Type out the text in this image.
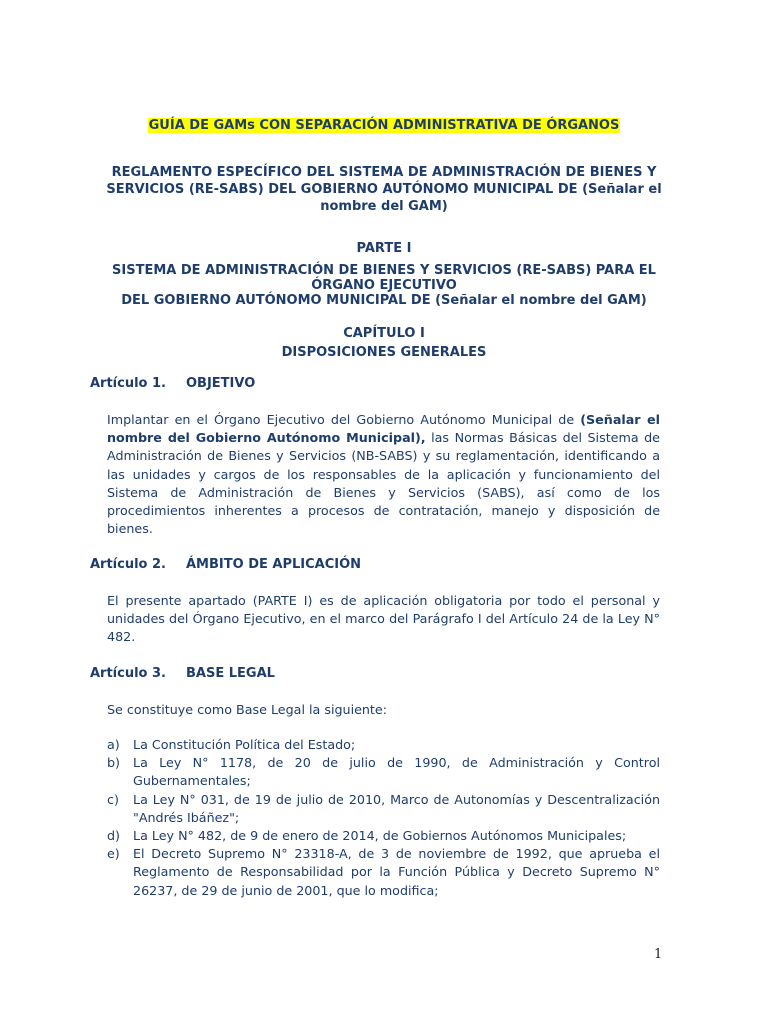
GUÍA DE GAMs CON SEPARACIÓN ADMINISTRATIVA DE ÓRGANOS
REGLAMENTO ESPECÍFICO DEL SISTEMA DE ADMINISTRACIÓN DE BIENES Y
SERVICIOS (RE-SABS) DEL GOBIERNO AUTÓNOMO MUNICIPAL DE (Señalar el
nombre del GAM)
PARTE I
SISTEMA DE ADMINISTRACIÓN DE BIENES Y SERVICIOS (RE-SABS) PARA EL
ÓRGANO EJECUTIVO
DEL GOBIERNO AUTÓNOMO MUNICIPAL DE (Señalar el nombre del GAM)
CAPÍTULO I
DISPOSICIONES GENERALES
Artículo 1. OBJETIVO
Implantar en el Órgano Ejecutivo del Gobierno Autónomo Municipal de (Señalar el nombre del Gobierno Autónomo Municipal), las Normas Básicas del Sistema de Administración de Bienes y Servicios (NB-SABS) y su reglamentación, identificando a las unidades y cargos de los responsables de la aplicación y funcionamiento del Sistema de Administración de Bienes y Servicios (SABS), así como de los procedimientos inherentes a procesos de contratación, manejo y disposición de bienes.
Artículo 2. ÁMBITO DE APLICACIÓN
El presente apartado (PARTE I) es de aplicación obligatoria por todo el personal y unidades del Órgano Ejecutivo, en el marco del Parágrafo I del Artículo 24 de la Ley N° 482.
Artículo 3. BASE LEGAL
Se constituye como Base Legal la siguiente:
a) La Constitución Política del Estado;
b) La Ley N° 1178, de 20 de julio de 1990, de Administración y Control Gubernamentales;
c) La Ley N° 031, de 19 de julio de 2010, Marco de Autonomías y Descentralización "Andrés Ibáñez";
d) La Ley N° 482, de 9 de enero de 2014, de Gobiernos Autónomos Municipales;
e) El Decreto Supremo N° 23318-A, de 3 de noviembre de 1992, que aprueba el Reglamento de Responsabilidad por la Función Pública y Decreto Supremo N° 26237, de 29 de junio de 2001, que lo modifica;
1
